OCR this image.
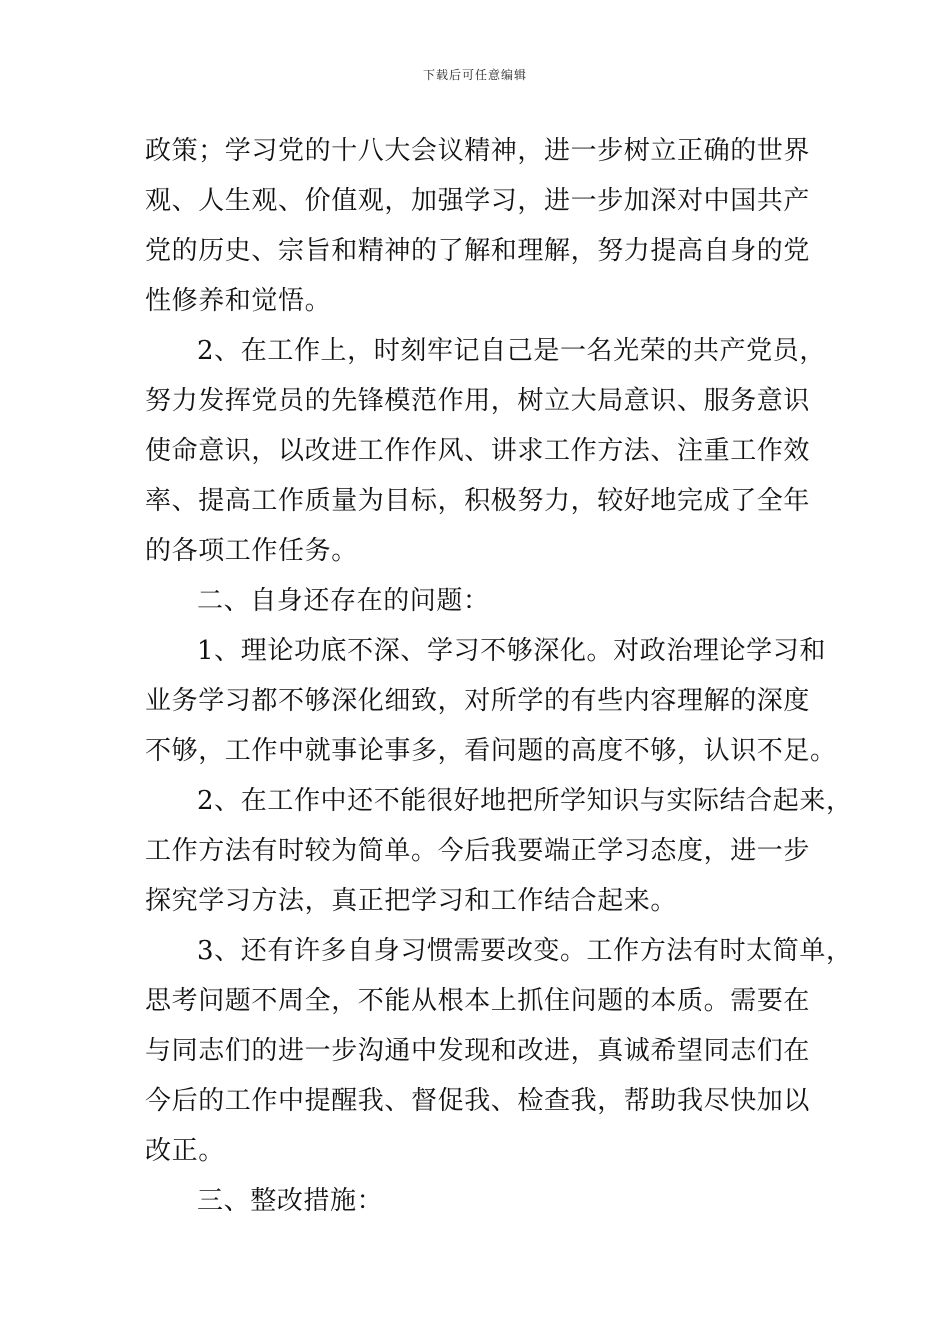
下载后可任意编辑
政策；学习党的十八大会议精神，进一步树立正确的世界
观、人生观、价值观，加强学习，进一步加深对中国共产
党的历史、宗旨和精神的了解和理解，努力提高自身的党
性修养和觉悟。
2、在工作上，时刻牢记自己是一名光荣的共产党员，
努力发挥党员的先锋模范作用，树立大局意识、服务意识
使命意识，以改进工作作风、讲求工作方法、注重工作效
率、提高工作质量为目标，积极努力，较好地完成了全年
的各项工作任务。
二、自身还存在的问题：
1、理论功底不深、学习不够深化。对政治理论学习和
业务学习都不够深化细致，对所学的有些内容理解的深度
不够，工作中就事论事多，看问题的高度不够，认识不足。
2、在工作中还不能很好地把所学知识与实际结合起来，
工作方法有时较为简单。今后我要端正学习态度，进一步
探究学习方法，真正把学习和工作结合起来。
3、还有许多自身习惯需要改变。工作方法有时太简单，
思考问题不周全，不能从根本上抓住问题的本质。需要在
与同志们的进一步沟通中发现和改进，真诚希望同志们在
今后的工作中提醒我、督促我、检查我，帮助我尽快加以
改正。
三、整改措施：
